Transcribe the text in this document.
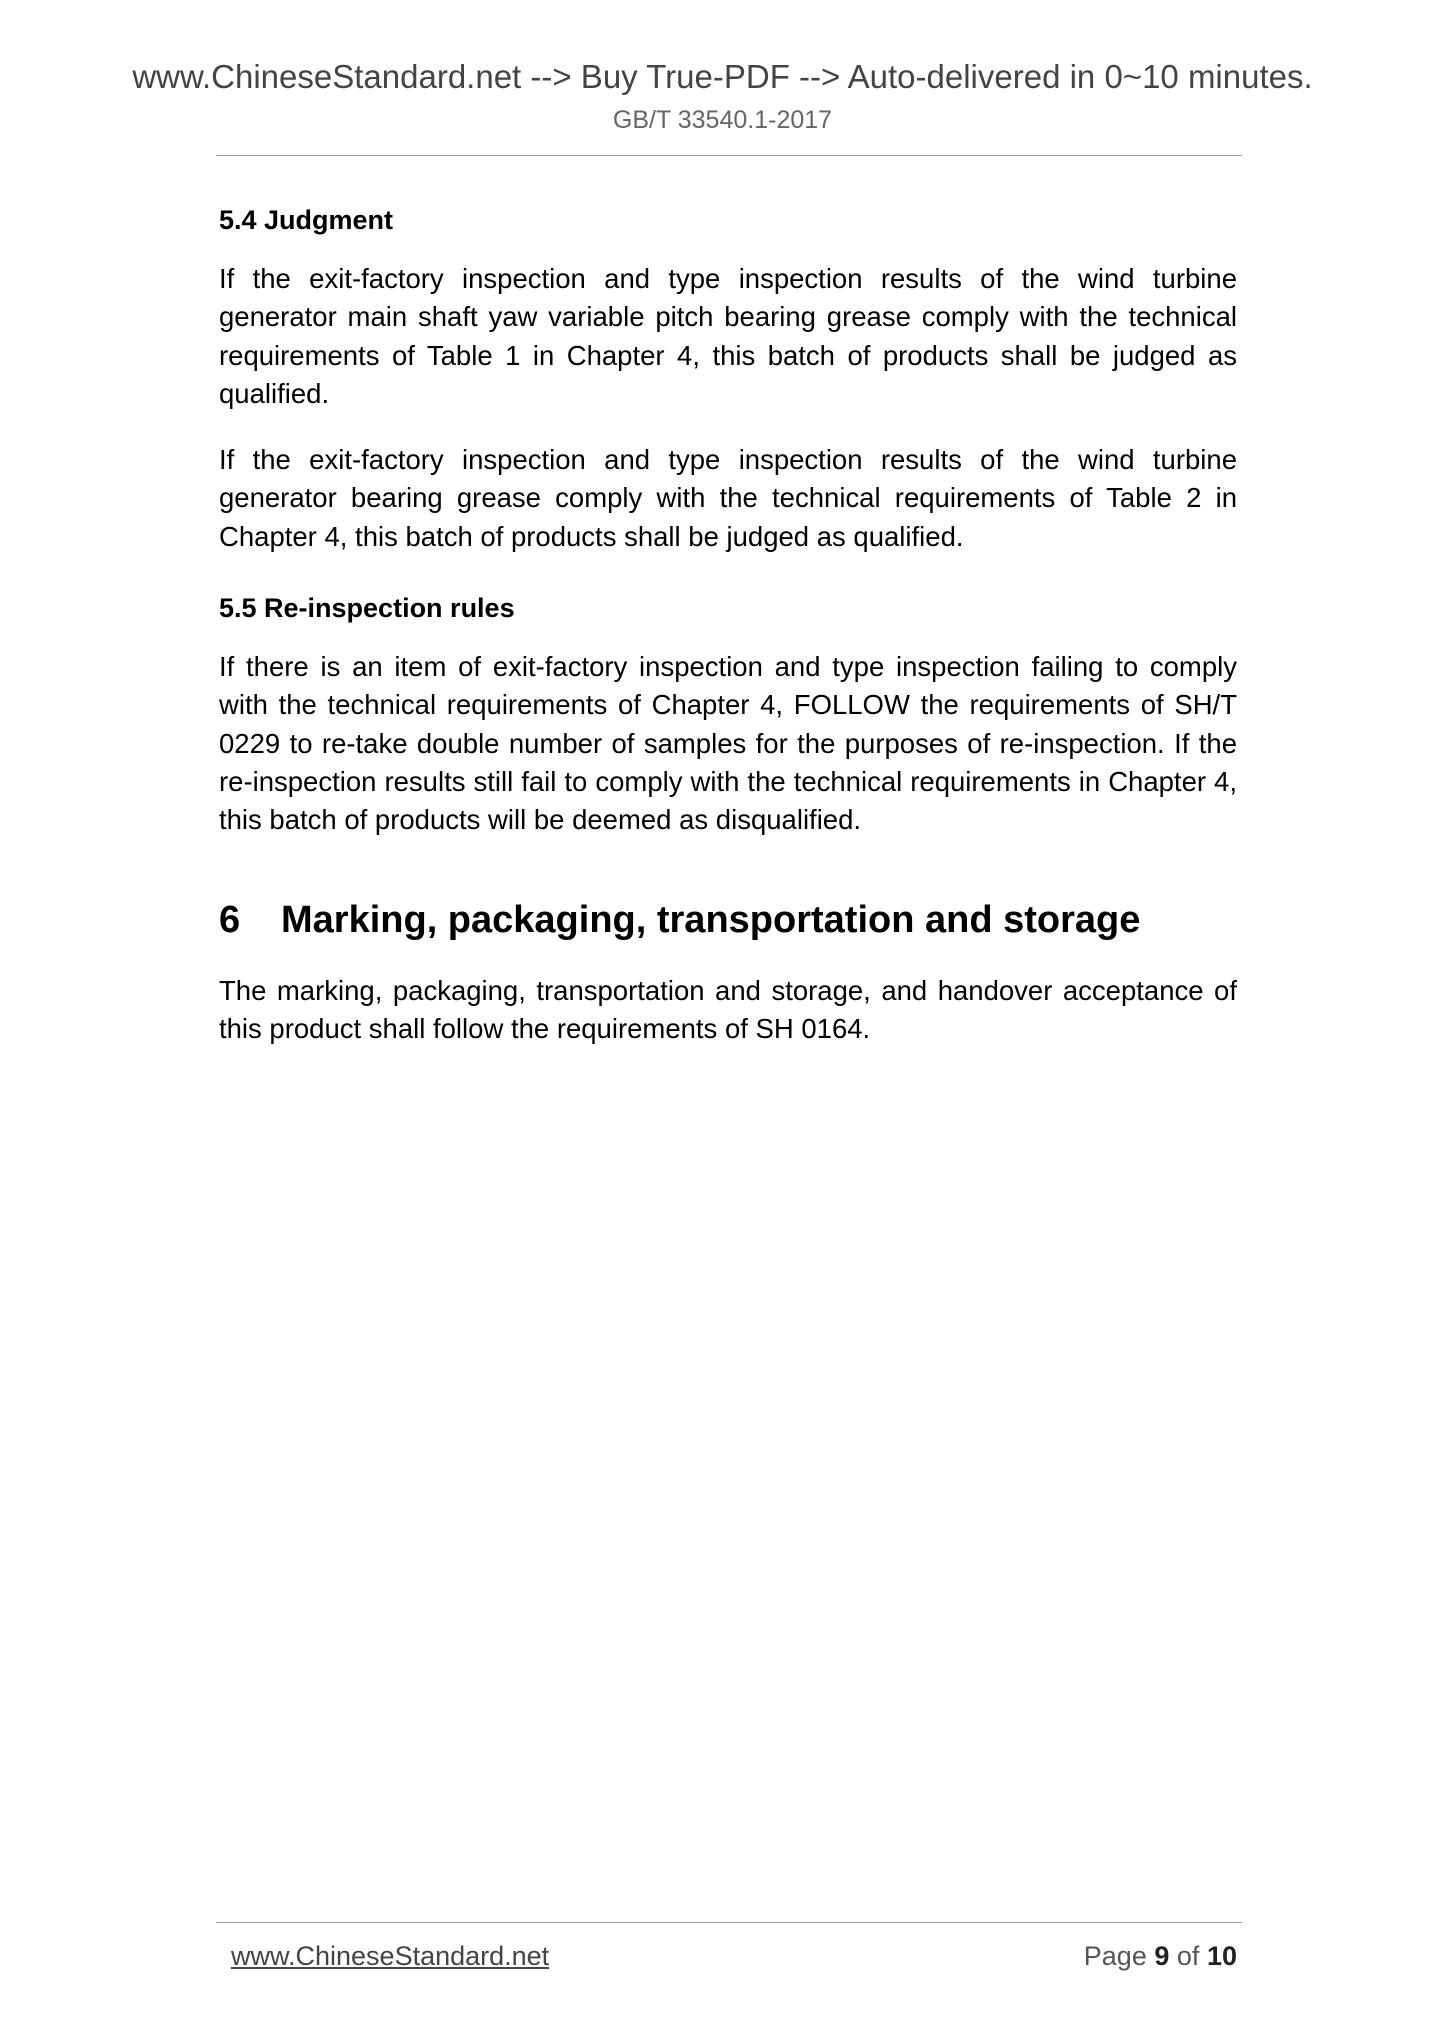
www.ChineseStandard.net --> Buy True-PDF --> Auto-delivered in 0~10 minutes.
GB/T 33540.1-2017
5.4 Judgment

If the exit-factory inspection and type inspection results of the wind turbine generator main shaft yaw variable pitch bearing grease comply with the technical requirements of Table 1 in Chapter 4, this batch of products shall be judged as qualified.

If the exit-factory inspection and type inspection results of the wind turbine generator bearing grease comply with the technical requirements of Table 2 in Chapter 4, this batch of products shall be judged as qualified.

5.5 Re-inspection rules

If there is an item of exit-factory inspection and type inspection failing to comply with the technical requirements of Chapter 4, FOLLOW the requirements of SH/T 0229 to re-take double number of samples for the purposes of re-inspection. If the re-inspection results still fail to comply with the technical requirements in Chapter 4, this batch of products will be deemed as disqualified.

6 Marking, packaging, transportation and storage

The marking, packaging, transportation and storage, and handover acceptance of this product shall follow the requirements of SH 0164.

www.ChineseStandard.net	Page 9 of 10
